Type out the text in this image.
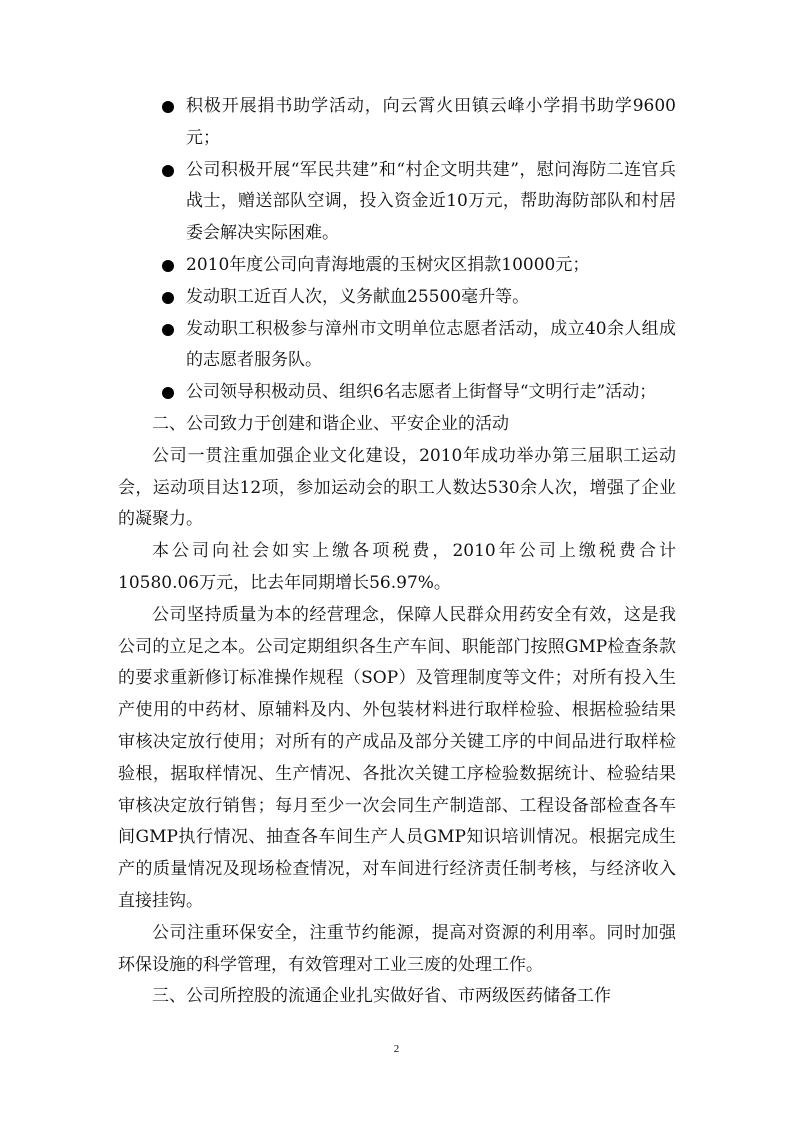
积极开展捐书助学活动，向云霄火田镇云峰小学捐书助学9600元；
公司积极开展“军民共建”和“村企文明共建”，慰问海防二连官兵战士，赠送部队空调，投入资金近10万元，帮助海防部队和村居委会解决实际困难。
2010年度公司向青海地震的玉树灾区捐款10000元；
发动职工近百人次，义务献血25500毫升等。
发动职工积极参与漳州市文明单位志愿者活动，成立40余人组成的志愿者服务队。
公司领导积极动员、组织6名志愿者上街督导“文明行走”活动；

二、公司致力于创建和谐企业、平安企业的活动

公司一贯注重加强企业文化建设，2010年成功举办第三届职工运动会，运动项目达12项，参加运动会的职工人数达530余人次，增强了企业的凝聚力。

本公司向社会如实上缴各项税费，2010年公司上缴税费合计10580.06万元，比去年同期增长56.97%。

公司坚持质量为本的经营理念，保障人民群众用药安全有效，这是我公司的立足之本。公司定期组织各生产车间、职能部门按照GMP检查条款的要求重新修订标准操作规程（SOP）及管理制度等文件；对所有投入生产使用的中药材、原辅料及内、外包装材料进行取样检验、根据检验结果审核决定放行使用；对所有的产成品及部分关键工序的中间品进行取样检验根，据取样情况、生产情况、各批次关键工序检验数据统计、检验结果审核决定放行销售；每月至少一次会同生产制造部、工程设备部检查各车间GMP执行情况、抽查各车间生产人员GMP知识培训情况。根据完成生产的质量情况及现场检查情况，对车间进行经济责任制考核，与经济收入直接挂钩。

公司注重环保安全，注重节约能源，提高对资源的利用率。同时加强环保设施的科学管理，有效管理对工业三废的处理工作。

三、公司所控股的流通企业扎实做好省、市两级医药储备工作

2
